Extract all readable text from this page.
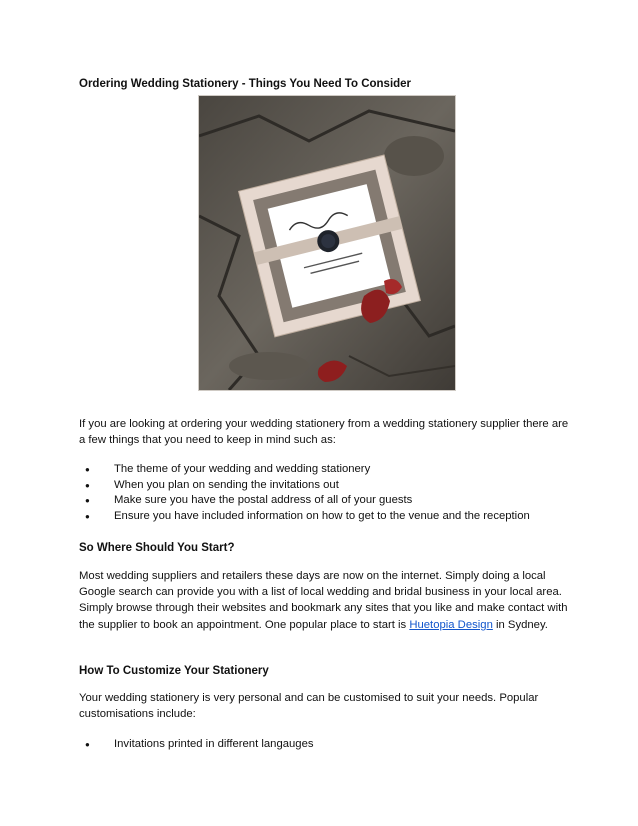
Ordering Wedding Stationery - Things You Need To Consider
If you are looking at ordering your wedding stationery from a wedding stationery supplier there are a few things that you need to keep in mind such as:
● The theme of your wedding and wedding stationery
● When you plan on sending the invitations out
● Make sure you have the postal address of all of your guests
● Ensure you have included information on how to get to the venue and the reception
So Where Should You Start?
Most wedding suppliers and retailers these days are now on the internet. Simply doing a local Google search can provide you with a list of local wedding and bridal business in your local area. Simply browse through their websites and bookmark any sites that you like and make contact with the supplier to book an appointment. One popular place to start is Huetopia Design in Sydney.
How To Customize Your Stationery
Your wedding stationery is very personal and can be customised to suit your needs. Popular customisations include:
● Invitations printed in different langauges
